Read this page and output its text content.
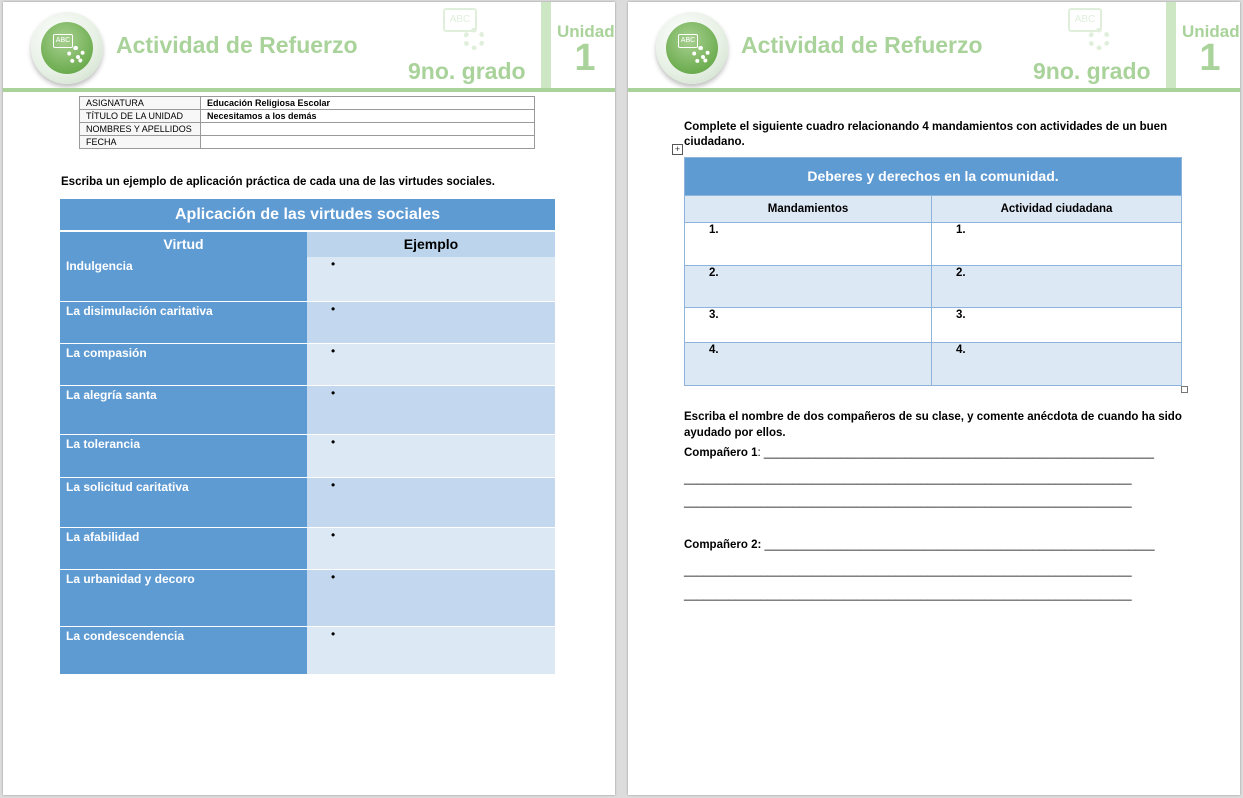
ABC Actividad de Refuerzo
ABC
9no. grado
Unidad
1
ASIGNATURA	Educación Religiosa Escolar
TÍTULO DE LA UNIDAD	Necesitamos a los demás
NOMBRES Y APELLIDOS	
FECHA	
Escriba un ejemplo de aplicación práctica de cada una de las virtudes sociales.
Aplicación de las virtudes sociales
Virtud	Ejemplo
Indulgencia	•
La disimulación caritativa	•
La compasión	•
La alegría santa	•
La tolerancia	•
La solicitud caritativa	•
La afabilidad	•
La urbanidad y decoro	•
La condescendencia	•
ABC Actividad de Refuerzo
ABC
9no. grado
Unidad
1
Complete el siguiente cuadro relacionando 4 mandamientos con actividades de un buen ciudadano.
+
Deberes y derechos en la comunidad.
Mandamientos	Actividad ciudadana
1.	1.
2.	2.
3.	3.
4.	4.
Escriba el nombre de dos compañeros de su clase, y comente anécdota de cuando ha sido ayudado por ellos.
Compañero 1: _____________________________________________________________
______________________________________________________________________
______________________________________________________________________
Compañero 2: _____________________________________________________________
______________________________________________________________________
______________________________________________________________________
